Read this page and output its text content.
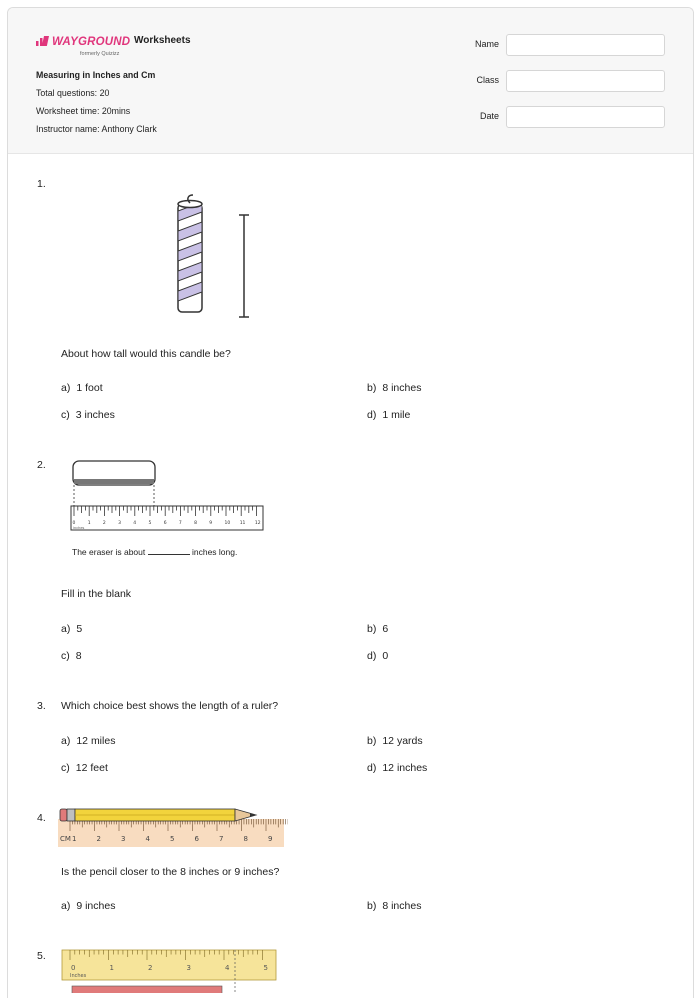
WAYGROUND
formerly Quizizz
Worksheets
Measuring in Inches and Cm
Total questions: 20
Worksheet time: 20mins
Instructor name: Anthony Clark
Name
Class
Date
1.
About how tall would this candle be?
a) 1 foot	b) 8 inches
c) 3 inches	d) 1 mile
2.
0	1	2	3	4	5	6	7	8	9	10 11 12
inches
The eraser is about	inches long.
Fill in the blank
a) 5	b) 6
c) 8	d) 0
3. Which choice best shows the length of a ruler?
a) 12 miles	b) 12 yards
c) 12 feet	d) 12 inches
4.
1	2	3	4	5	6	7	8	9
CM
Is the pencil closer to the 8 inches or 9 inches?
a) 9 inches	b) 8 inches
5.
0	1	2	3	4	5
Inches
